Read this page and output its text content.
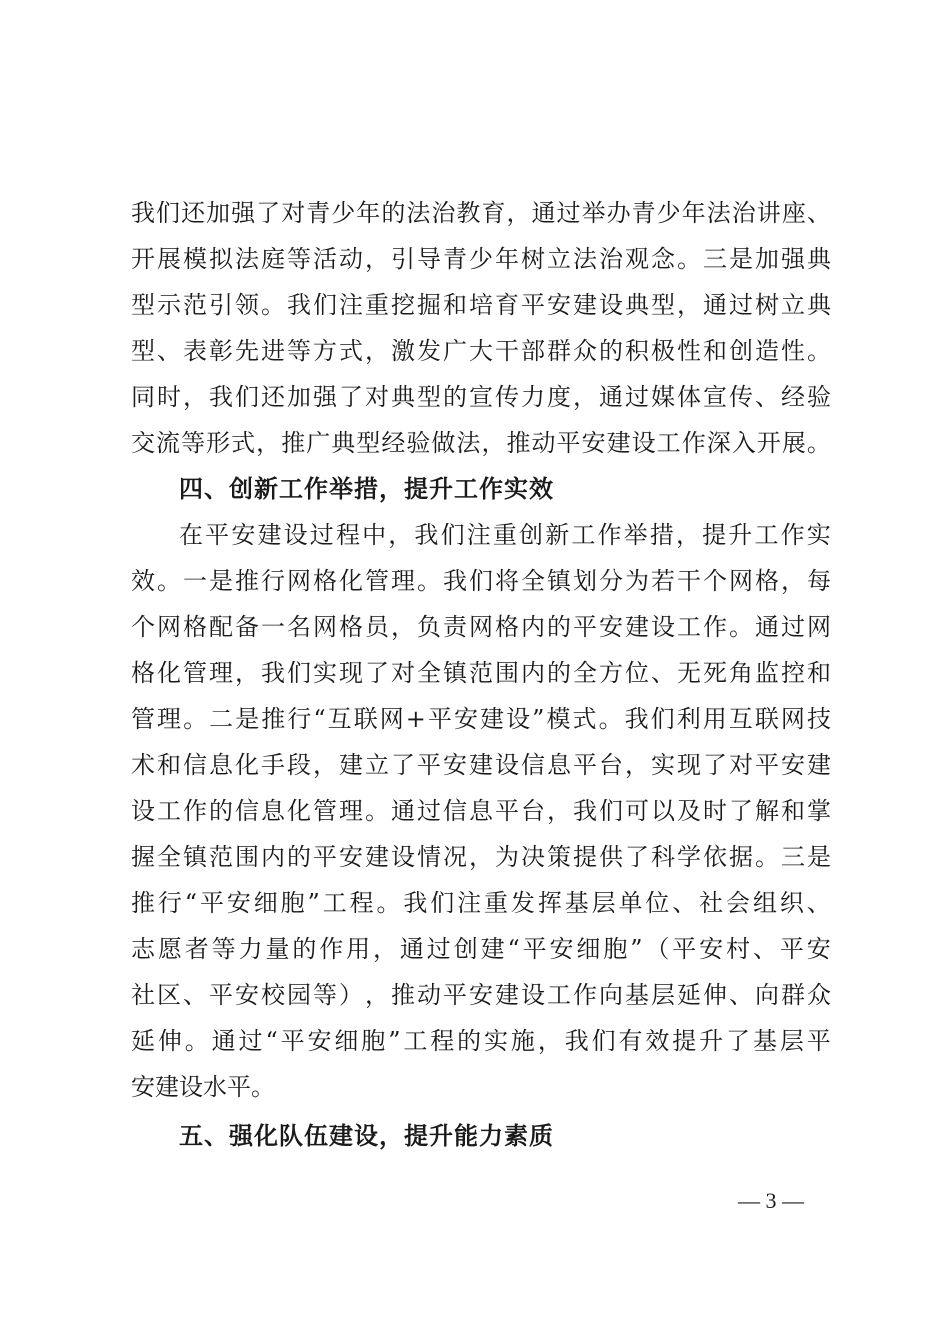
我 们 还 加 强 了 对 青 少 年 的 法 治 教 育 ， 通 过 举 办 青 少 年 法 治 讲 座 、
开 展 模 拟 法 庭 等 活 动 ， 引 导 青 少 年 树 立 法 治 观 念 。 三 是 加 强 典
型 示 范 引 领 。 我 们 注 重 挖 掘 和 培 育 平 安 建 设 典 型 ， 通 过 树 立 典
型 、 表 彰 先 进 等 方 式 ， 激 发 广 大 干 部 群 众 的 积 极 性 和 创 造 性 。
同 时 ， 我 们 还 加 强 了 对 典 型 的 宣 传 力 度 ， 通 过 媒 体 宣 传 、 经 验
交 流 等 形 式 ， 推 广 典 型 经 验 做 法 ， 推 动 平 安 建 设 工 作 深 入 开 展 。
四、创新工作举措，提升工作实效
在 平 安 建 设 过 程 中 ， 我 们 注 重 创 新 工 作 举 措 ， 提 升 工 作 实
效 。 一 是 推 行 网 格 化 管 理 。 我 们 将 全 镇 划 分 为 若 干 个 网 格 ， 每
个 网 格 配 备 一 名 网 格 员 ， 负 责 网 格 内 的 平 安 建 设 工 作 。 通 过 网
格 化 管 理 ， 我 们 实 现 了 对 全 镇 范 围 内 的 全 方 位 、 无 死 角 监 控 和
管 理 。 二 是 推 行 “ 互 联 网 + 平 安 建 设 ” 模 式 。 我 们 利 用 互 联 网 技
术 和 信 息 化 手 段 ， 建 立 了 平 安 建 设 信 息 平 台 ， 实 现 了 对 平 安 建
设 工 作 的 信 息 化 管 理 。 通 过 信 息 平 台 ， 我 们 可 以 及 时 了 解 和 掌
握 全 镇 范 围 内 的 平 安 建 设 情 况 ， 为 决 策 提 供 了 科 学 依 据 。 三 是
推 行 “ 平 安 细 胞 ” 工 程 。 我 们 注 重 发 挥 基 层 单 位 、 社 会 组 织 、
志 愿 者 等 力 量 的 作 用 ， 通 过 创 建 “ 平 安 细 胞 ” （ 平 安 村 、 平 安
社 区 、 平 安 校 园 等 ） ， 推 动 平 安 建 设 工 作 向 基 层 延 伸 、 向 群 众
延 伸 。 通 过 “ 平 安 细 胞 ” 工 程 的 实 施 ， 我 们 有 效 提 升 了 基 层 平
安建设水平。
五、强化队伍建设，提升能力素质
— 3 —
